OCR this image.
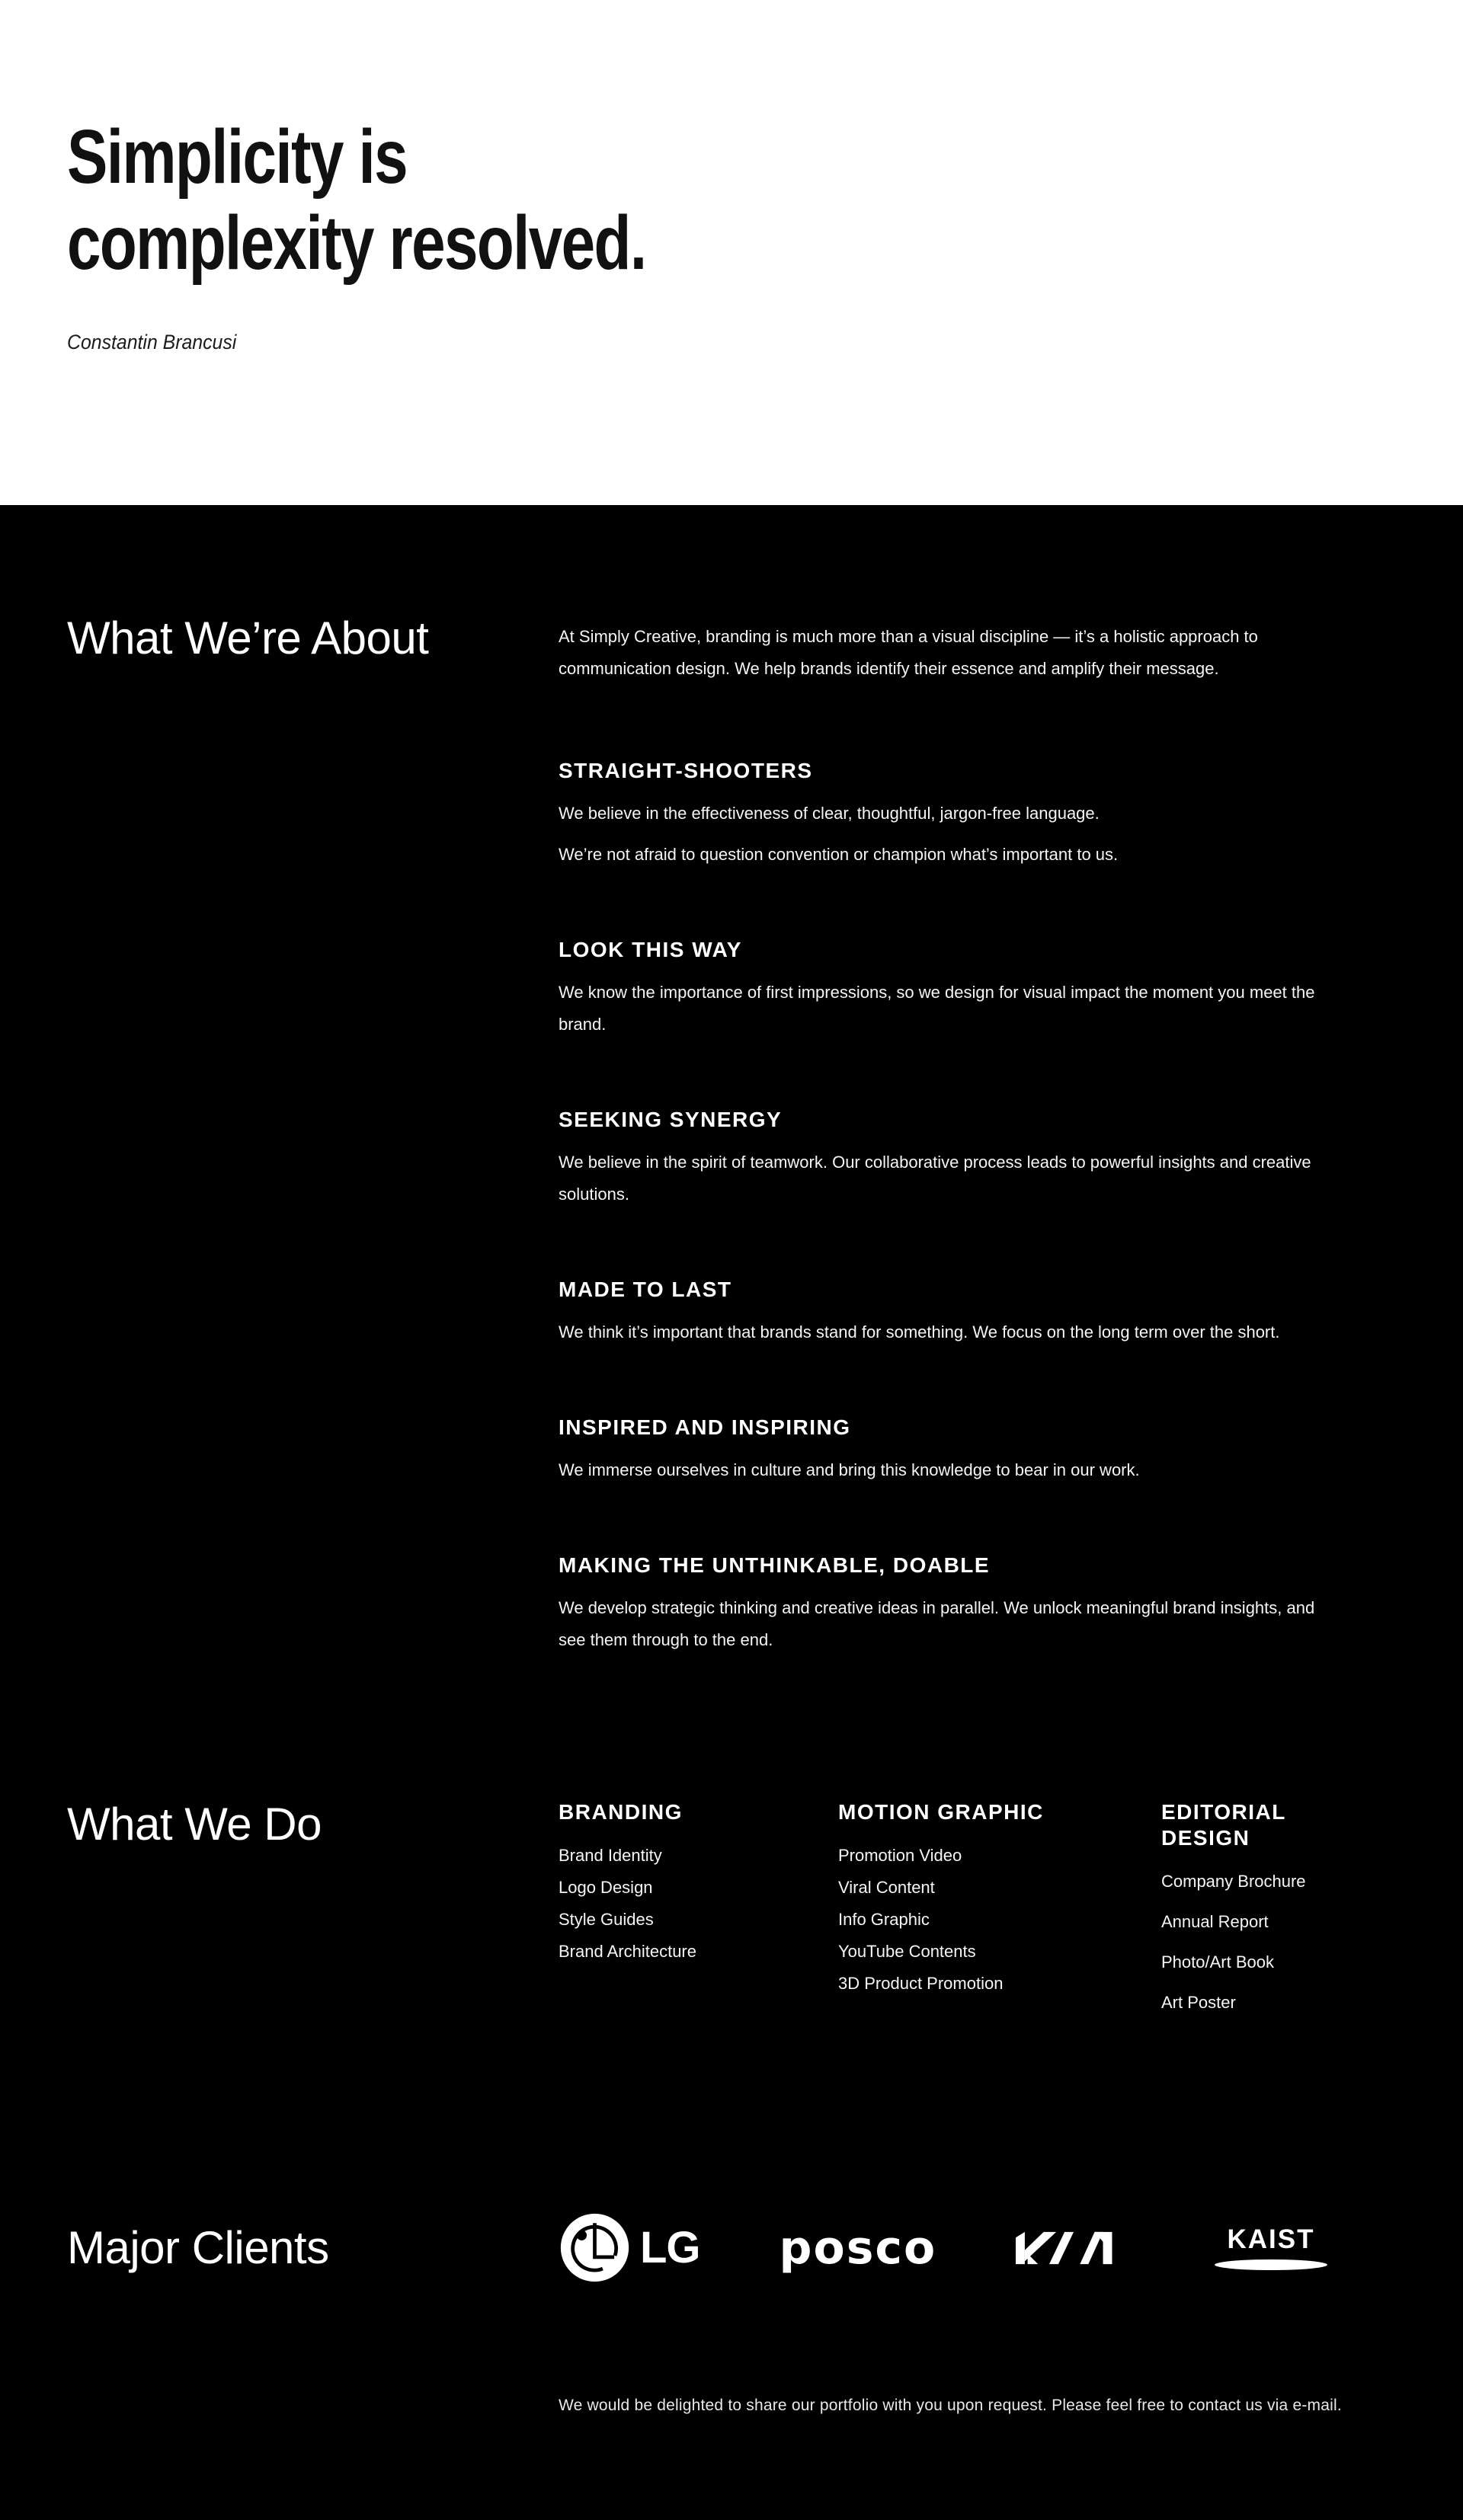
Simplicity is
complexity resolved.

Constantin Brancusi

What We’re About	At Simply Creative, branding is much more than a visual discipline — it’s a holistic approach to communication design. We help brands identify their essence and amplify their message.

STRAIGHT-SHOOTERS

We believe in the effectiveness of clear, thoughtful, jargon-free language.

We’re not afraid to question convention or champion what’s important to us.

LOOK THIS WAY

We know the importance of first impressions, so we design for visual impact the moment you meet the brand.

SEEKING SYNERGY

We believe in the spirit of teamwork. Our collaborative process leads to powerful insights and creative solutions.

MADE TO LAST

We think it’s important that brands stand for something. We focus on the long term over the short.

INSPIRED AND INSPIRING

We immerse ourselves in culture and bring this knowledge to bear in our work.

MAKING THE UNTHINKABLE, DOABLE

We develop strategic thinking and creative ideas in parallel. We unlock meaningful brand insights, and see them through to the end.

What We Do	BRANDING
Brand Identity
Logo Design
Style Guides
Brand Architecture
MOTION GRAPHIC
Promotion Video
Viral Content
Info Graphic
YouTube Contents
3D Product Promotion
EDITORIAL DESIGN
Company Brochure
Annual Report
Photo/Art Book
Art Poster
Major Clients	LG posco	KAIST

We would be delighted to share our portfolio with you upon request. Please feel free to contact us via e-mail.
